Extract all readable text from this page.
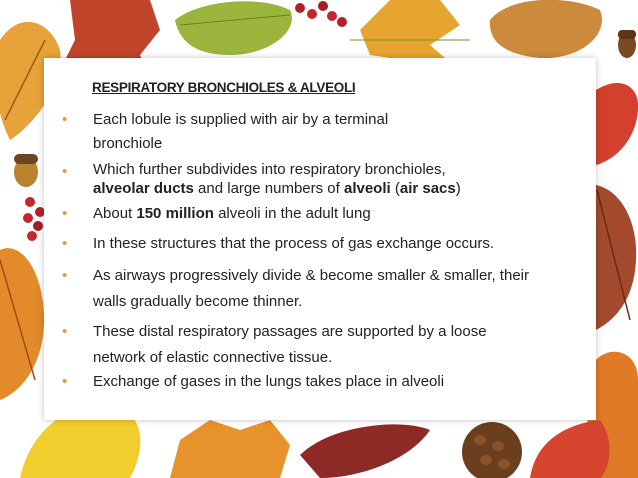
RESPIRATORY BRONCHIOLES & ALVEOLI
• Each lobule is supplied with air by a terminal
bronchiole
• Which further subdivides into respiratory bronchioles,
alveolar ducts and large numbers of alveoli (air sacs)
• About 150 million alveoli in the adult lung
• In these structures that the process of gas exchange occurs.
• As airways progressively divide & become smaller & smaller, their
walls gradually become thinner.
• These distal respiratory passages are supported by a loose
network of elastic connective tissue.
• Exchange of gases in the lungs takes place in alveoli
